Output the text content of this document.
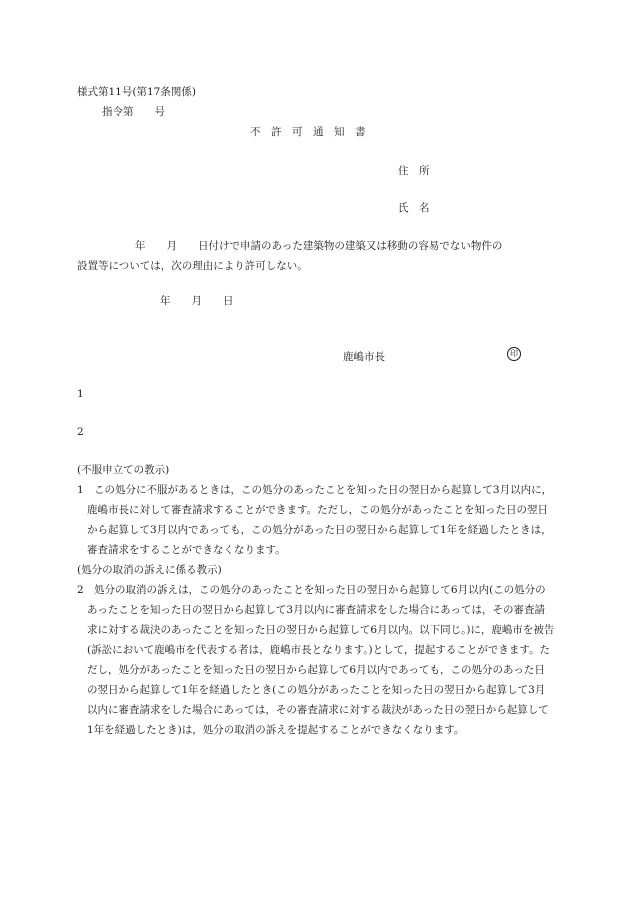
様式第11号(第17条関係)
指令第　　号
不　許　可　通　知　書
住　所
氏　名
年　　月　　日付けで申請のあった建築物の建築又は移動の容易でない物件の
設置等については，次の理由により許可しない。
年　　月　　日
鹿嶋市長	印
1
2
(不服申立ての教示)
1 この処分に不服があるときは，この処分のあったことを知った日の翌日から起算して3月以内に，鹿嶋市長に対して審査請求することができます。ただし，この処分があったことを知った日の翌日から起算して3月以内であっても，この処分があった日の翌日から起算して1年を経過したときは，審査請求をすることができなくなります。
(処分の取消の訴えに係る教示)
2 処分の取消の訴えは，この処分のあったことを知った日の翌日から起算して6月以内(この処分のあったことを知った日の翌日から起算して3月以内に審査請求をした場合にあっては，その審査請求に対する裁決のあったことを知った日の翌日から起算して6月以内。以下同じ。)に，鹿嶋市を被告(訴訟において鹿嶋市を代表する者は，鹿嶋市長となります。)として，提起することができます。ただし，処分があったことを知った日の翌日から起算して6月以内であっても，この処分のあった日の翌日から起算して1年を経過したとき(この処分があったことを知った日の翌日から起算して3月以内に審査請求をした場合にあっては，その審査請求に対する裁決があった日の翌日から起算して1年を経過したとき)は，処分の取消の訴えを提起することができなくなります。
